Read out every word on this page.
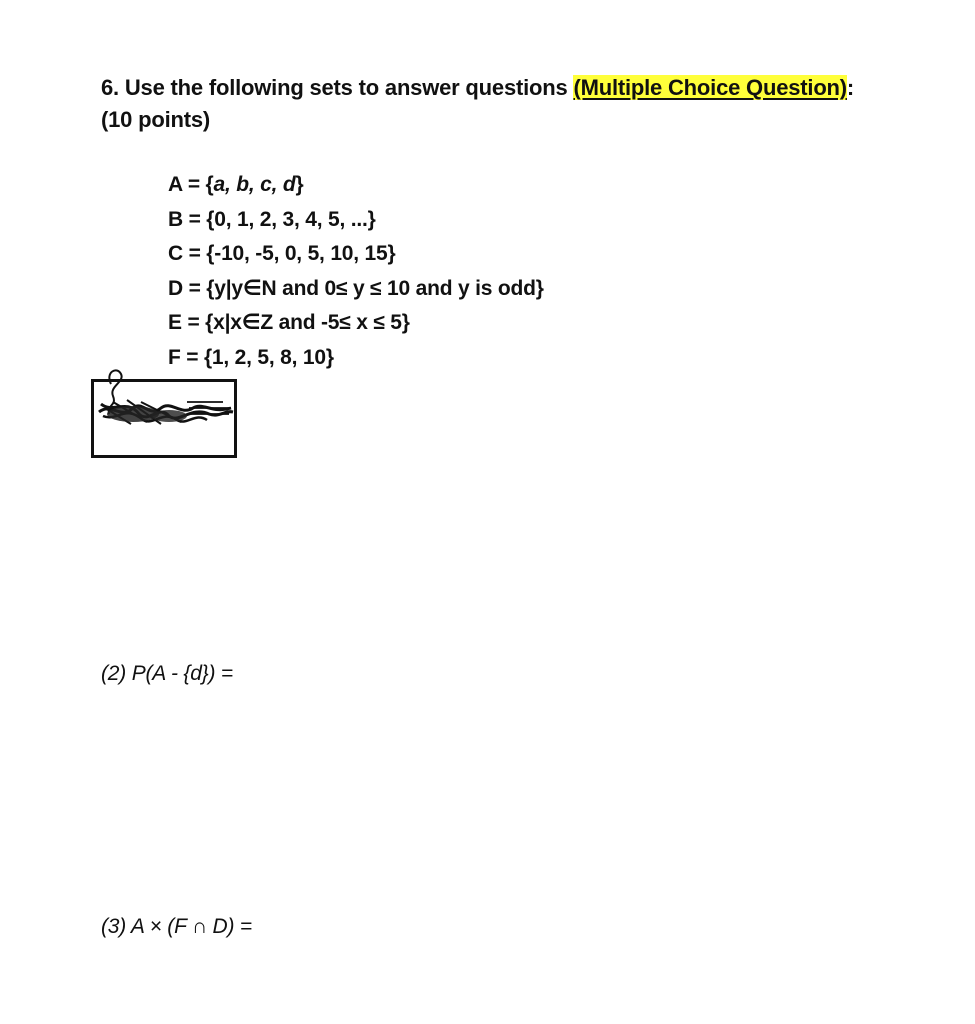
6. Use the following sets to answer questions (Multiple Choice Question):
(10 points)
A = {a, b, c, d}
B = {0, 1, 2, 3, 4, 5, ...}
C = {-10, -5, 0, 5, 10, 15}
D = {y|y∈N and 0≤ y ≤ 10 and y is odd}
E = {x|x∈Z and -5≤ x ≤ 5}
F = {1, 2, 5, 8, 10}
(2) P(A - {d}) =
(3) A × (F ∩ D) =
